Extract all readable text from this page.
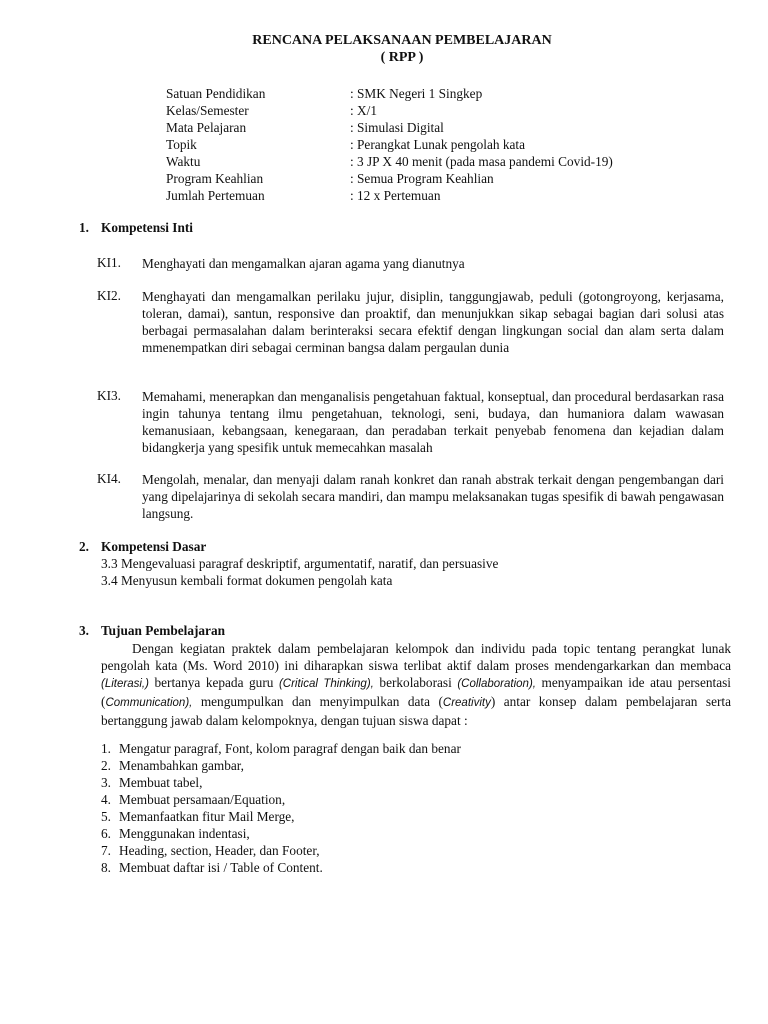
RENCANA PELAKSANAAN PEMBELAJARAN
( RPP )
Satuan Pendidikan	: SMK Negeri 1 Singkep
Kelas/Semester	: X/1
Mata Pelajaran	: Simulasi Digital
Topik	: Perangkat Lunak pengolah kata
Waktu	: 3 JP X 40 menit (pada masa pandemi Covid-19)
Program Keahlian	: Semua Program Keahlian
Jumlah Pertemuan	: 12 x Pertemuan
1. Kompetensi Inti
KI1. Menghayati dan mengamalkan ajaran agama yang dianutnya
KI2. Menghayati dan mengamalkan perilaku jujur, disiplin, tanggungjawab, peduli (gotongroyong, kerjasama, toleran, damai), santun, responsive dan proaktif, dan menunjukkan sikap sebagai bagian dari solusi atas berbagai permasalahan dalam berinteraksi secara efektif dengan lingkungan social dan alam serta dalam mmenempatkan diri sebagai cerminan bangsa dalam pergaulan dunia
KI3. Memahami, menerapkan dan menganalisis pengetahuan faktual, konseptual, dan procedural berdasarkan rasa ingin tahunya tentang ilmu pengetahuan, teknologi, seni, budaya, dan humaniora dalam wawasan kemanusiaan, kebangsaan, kenegaraan, dan peradaban terkait penyebab fenomena dan kejadian dalam bidangkerja yang spesifik untuk memecahkan masalah
KI4. Mengolah, menalar, dan menyaji dalam ranah konkret dan ranah abstrak terkait dengan pengembangan dari yang dipelajarinya di sekolah secara mandiri, dan mampu melaksanakan tugas spesifik di bawah pengawasan langsung.
2. Kompetensi Dasar
3.3 Mengevaluasi paragraf deskriptif, argumentatif, naratif, dan persuasive
3.4 Menyusun kembali format dokumen pengolah kata
3. Tujuan Pembelajaran
Dengan kegiatan praktek dalam pembelajaran kelompok dan individu pada topic tentang perangkat lunak pengolah kata (Ms. Word 2010) ini diharapkan siswa terlibat aktif dalam proses mendengarkarkan dan membaca (Literasi,) bertanya kepada guru (Critical Thinking), berkolaborasi (Collaboration), menyampaikan ide atau persentasi (Communication), mengumpulkan dan menyimpulkan data (Creativity) antar konsep dalam pembelajaran serta bertanggung jawab dalam kelompoknya, dengan tujuan siswa dapat :
1. Mengatur paragraf, Font, kolom paragraf dengan baik dan benar
2. Menambahkan gambar,
3. Membuat tabel,
4. Membuat persamaan/Equation,
5. Memanfaatkan fitur Mail Merge,
6. Menggunakan indentasi,
7. Heading, section, Header, dan Footer,
8. Membuat daftar isi / Table of Content.
